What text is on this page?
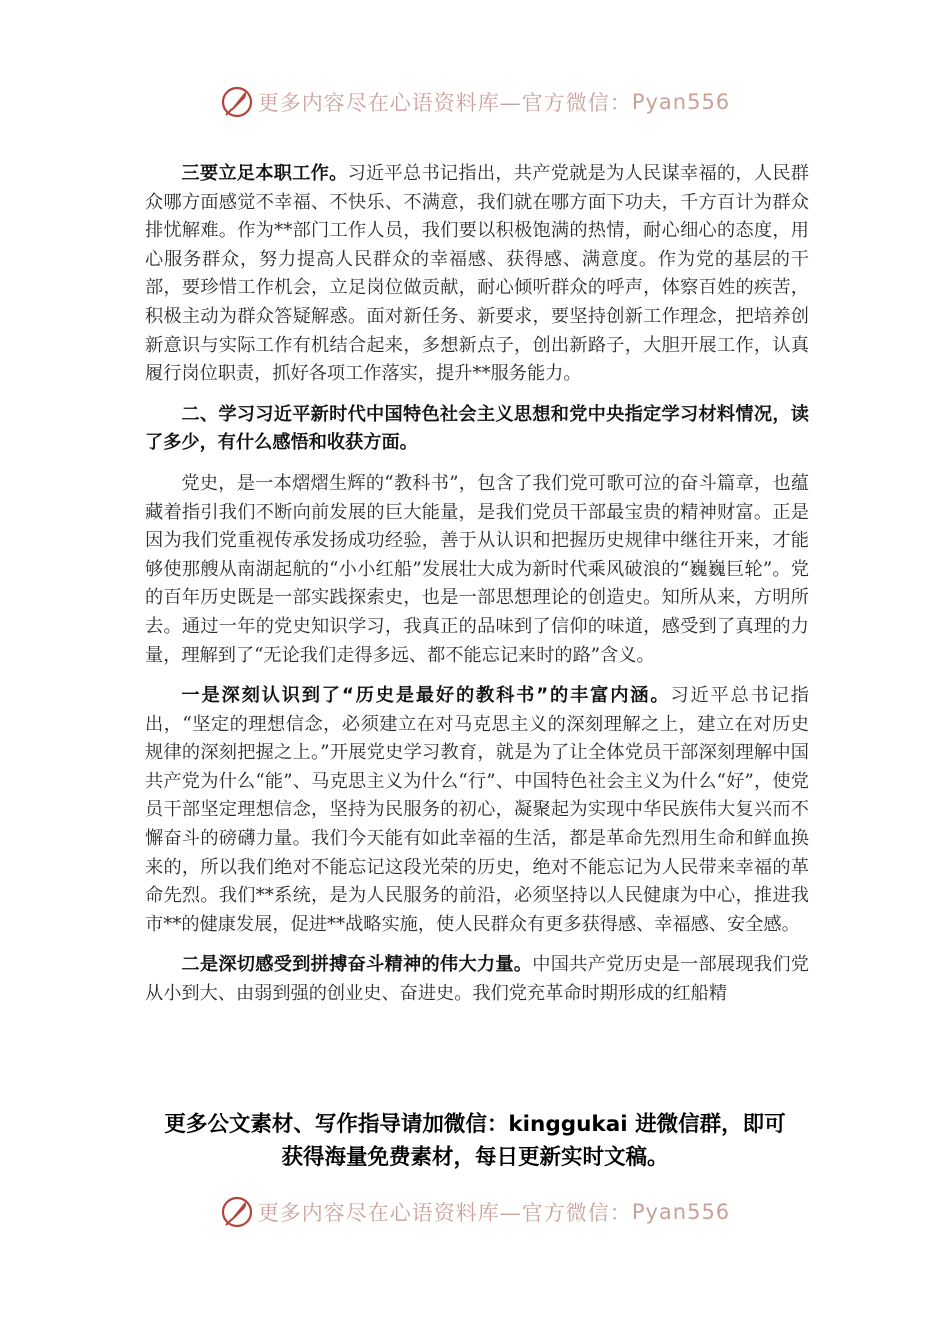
更多内容尽在心语资料库—官方微信： Pyan556

三要立足本职工作。习近平总书记指出，共产党就是为人民谋幸福的，人民群众哪方面感觉不幸福、不快乐、不满意，我们就在哪方面下功夫，千方百计为群众排忧解难。作为**部门工作人员，我们要以积极饱满的热情，耐心细心的态度，用心服务群众，努力提高人民群众的幸福感、获得感、满意度。作为党的基层的干部，要珍惜工作机会，立足岗位做贡献，耐心倾听群众的呼声，体察百姓的疾苦，积极主动为群众答疑解惑。面对新任务、新要求，要坚持创新工作理念，把培养创新意识与实际工作有机结合起来，多想新点子，创出新路子，大胆开展工作，认真履行岗位职责，抓好各项工作落实，提升**服务能力。

二、学习习近平新时代中国特色社会主义思想和党中央指定学习材料情况，读了多少，有什么感悟和收获方面。

党史，是一本熠熠生辉的“教科书”，包含了我们党可歌可泣的奋斗篇章，也蕴藏着指引我们不断向前发展的巨大能量，是我们党员干部最宝贵的精神财富。正是因为我们党重视传承发扬成功经验，善于从认识和把握历史规律中继往开来，才能够使那艘从南湖起航的“小小红船”发展壮大成为新时代乘风破浪的“巍巍巨轮”。党的百年历史既是一部实践探索史，也是一部思想理论的创造史。知所从来，方明所去。通过一年的党史知识学习，我真正的品味到了信仰的味道，感受到了真理的力量，理解到了“无论我们走得多远、都不能忘记来时的路”含义。

一是深刻认识到了“历史是最好的教科书”的丰富内涵。习近平总书记指出，“坚定的理想信念，必须建立在对马克思主义的深刻理解之上，建立在对历史规律的深刻把握之上。”开展党史学习教育，就是为了让全体党员干部深刻理解中国共产党为什么“能”、马克思主义为什么“行”、中国特色社会主义为什么“好”，使党员干部坚定理想信念，坚持为民服务的初心，凝聚起为实现中华民族伟大复兴而不懈奋斗的磅礴力量。我们今天能有如此幸福的生活，都是革命先烈用生命和鲜血换来的，所以我们绝对不能忘记这段光荣的历史，绝对不能忘记为人民带来幸福的革命先烈。我们**系统，是为人民服务的前沿，必须坚持以人民健康为中心，推进我市**的健康发展，促进**战略实施，使人民群众有更多获得感、幸福感、安全感。

二是深切感受到拼搏奋斗精神的伟大力量。中国共产党历史是一部展现我们党从小到大、由弱到强的创业史、奋进史。我们党充革命时期形成的红船精

更多公文素材、写作指导请加微信：kinggukai 进微信群，即可
获得海量免费素材，每日更新实时文稿。
更多内容尽在心语资料库—官方微信： Pyan556
